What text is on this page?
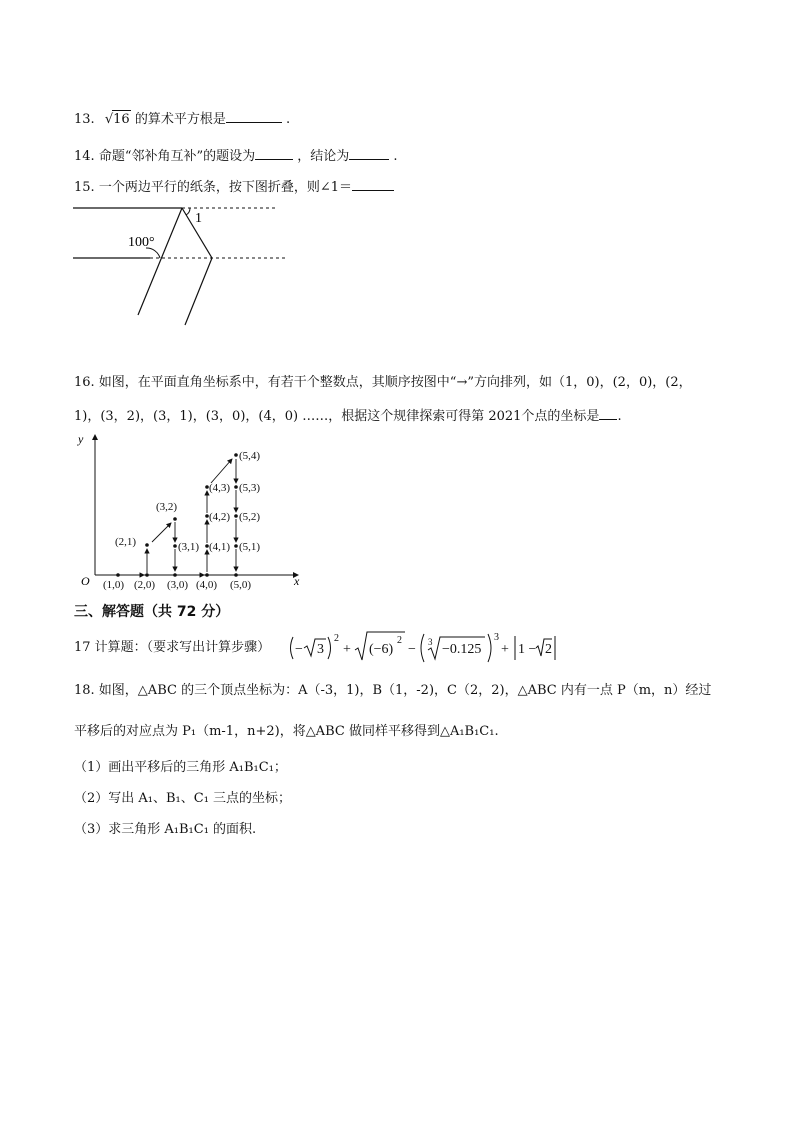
13. √16 的算术平方根是	.
14. 命题“邻补角互补”的题设为	，结论为	.
15. 一个两边平行的纸条，按下图折叠，则∠1＝
1
100°
16. 如图，在平面直角坐标系中，有若干个整数点，其顺序按图中“→”方向排列，如（1，0)，(2，0)，(2，
1)，(3，2)，(3，1)，(3，0)，(4，0) ……，根据这个规律探索可得第 2021个点的坐标是 .
y
x
O (1,0) (2,0) (3,0) (4,0) (5,0)
(2,1)
(3,2)
(3,1) (4,1)
(4,2)
(4,3)
(5,1)
(5,2)
(5,3)
(5,4)
三、解答题（共 72 分）
17 计算题：（要求写出计算步骤） − 3
2
+ (−6)
2
− 3 −0.125
3
+ 1 − 2
18. 如图，△ABC 的三个顶点坐标为：A（-3，1)，B（1，-2)，C（2，2)，△ABC 内有一点 P（m，n）经过
平移后的对应点为 P₁（m-1，n+2)，将△ABC 做同样平移得到△A₁B₁C₁.
（1）画出平移后的三角形 A₁B₁C₁；
（2）写出 A₁、B₁、C₁ 三点的坐标；
（3）求三角形 A₁B₁C₁ 的面积.
